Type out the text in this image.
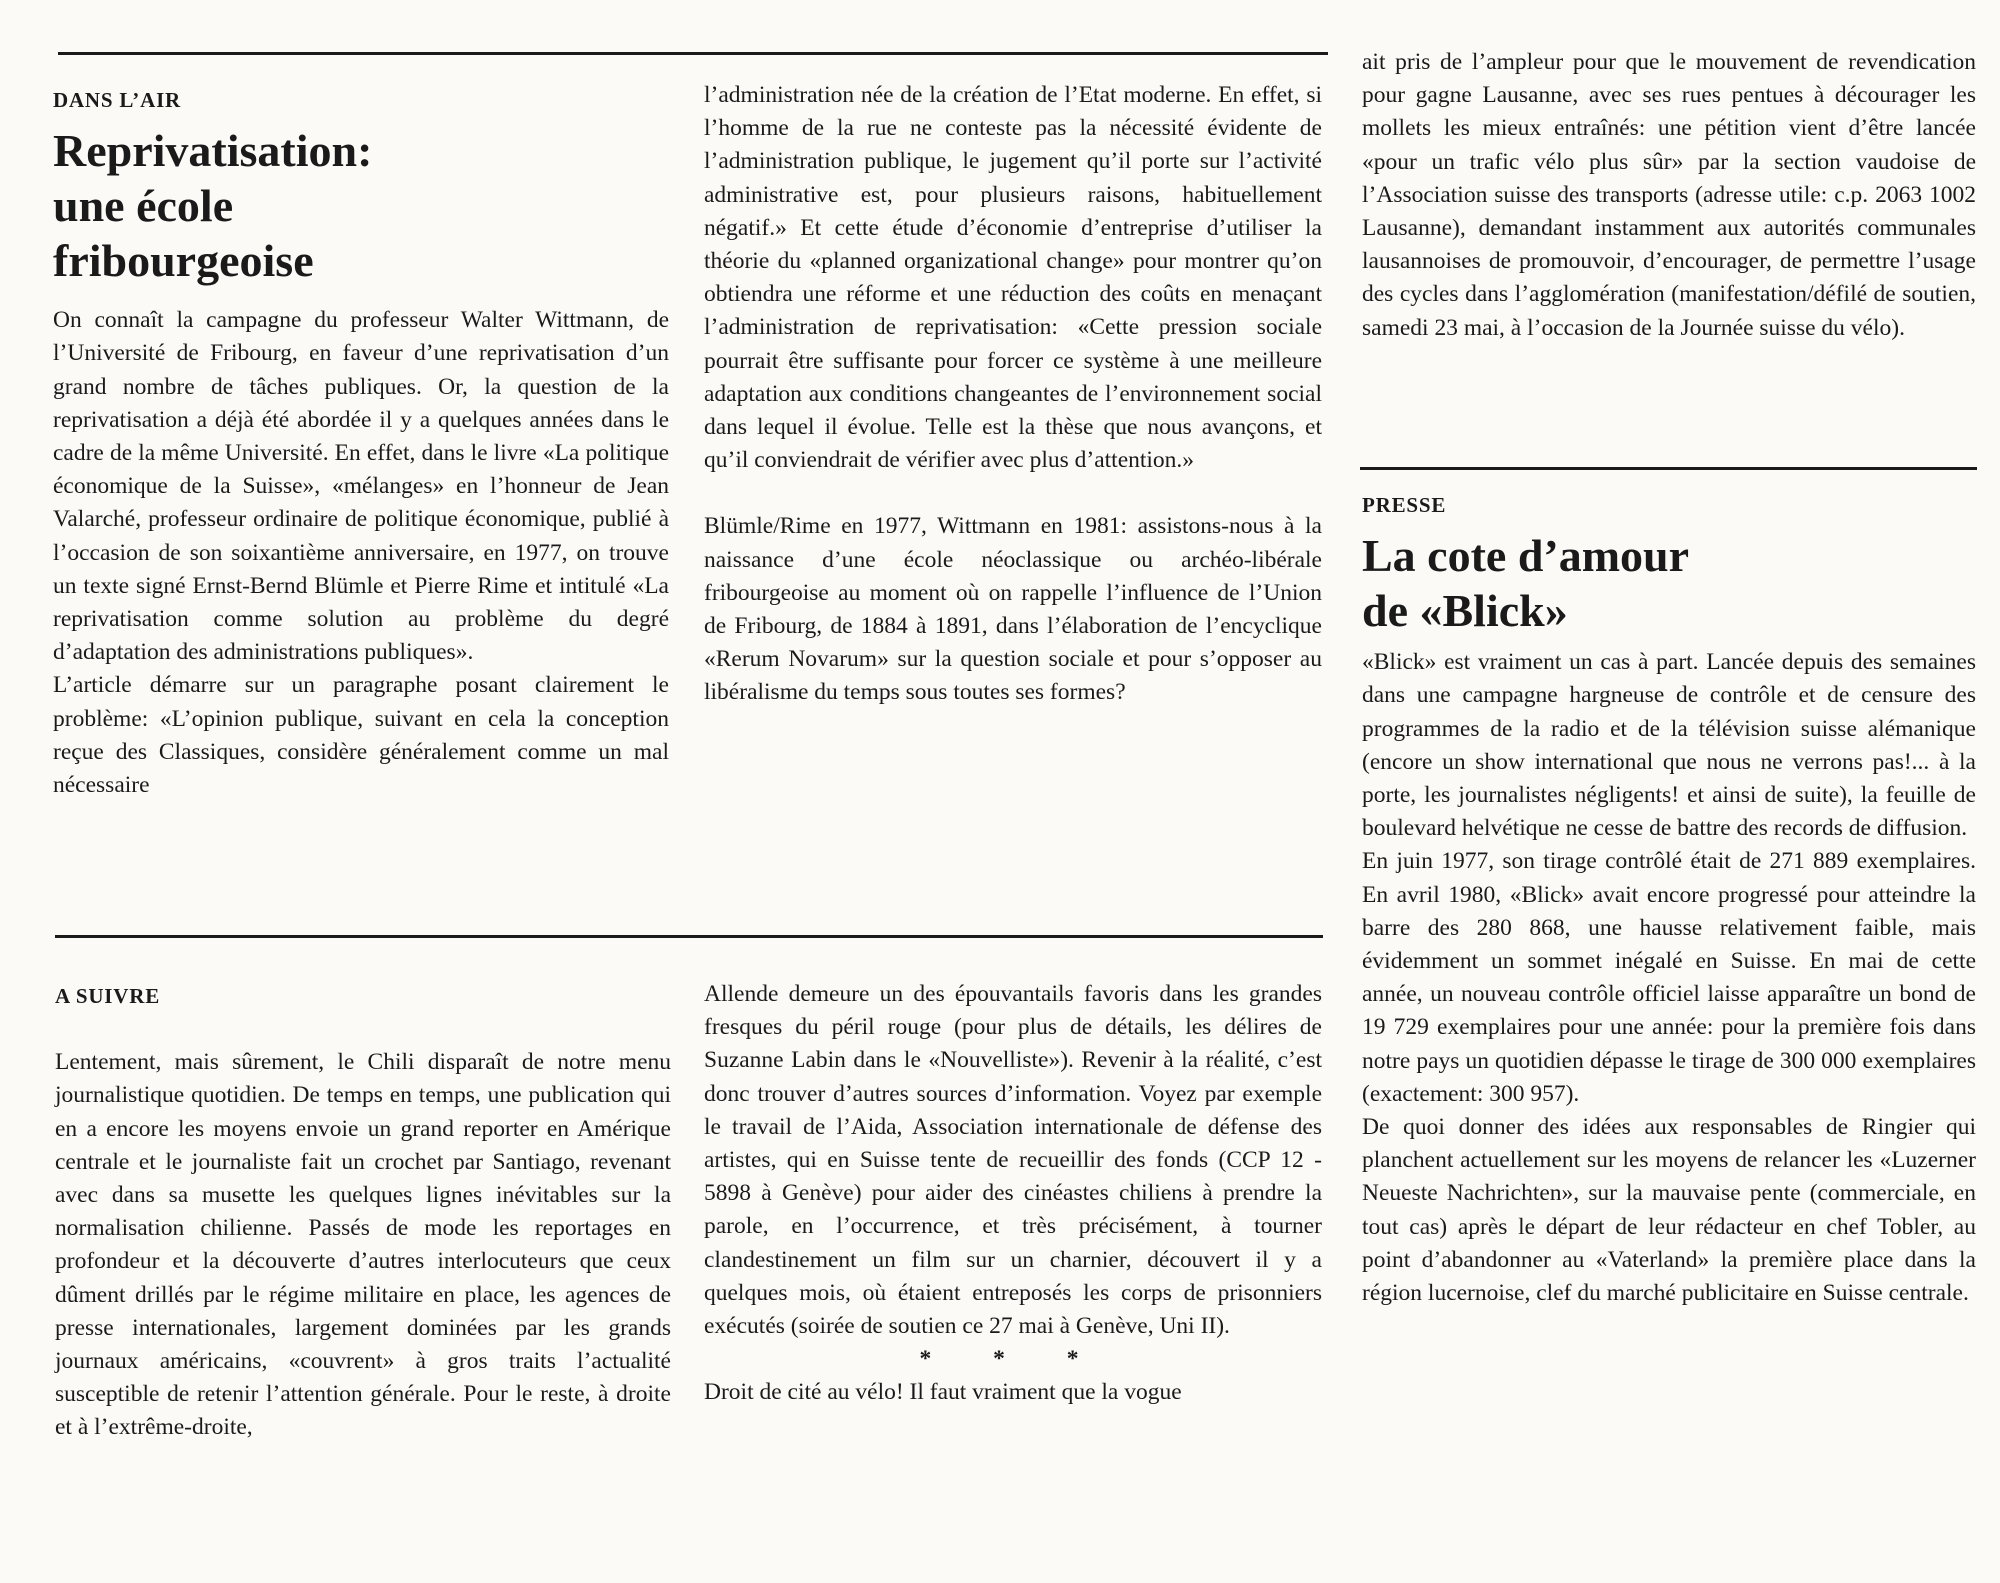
DANS L’AIR
Reprivatisation:
une école
fribourgeoise

On connaît la campagne du professeur Walter Wittmann, de l’Université de Fribourg, en faveur d’une reprivatisation d’un grand nombre de tâches publiques. Or, la question de la reprivatisation a déjà été abordée il y a quelques années dans le cadre de la même Université. En effet, dans le livre «La politique économique de la Suisse», «mélanges» en l’honneur de Jean Valarché, professeur ordinaire de politique économique, publié à l’occasion de son soixantième anniversaire, en 1977, on trouve un texte signé Ernst-Bernd Blümle et Pierre Rime et intitulé «La reprivatisation comme solution au problème du degré d’adaptation des administrations publiques».

L’article démarre sur un paragraphe posant clairement le problème: «L’opinion publique, suivant en cela la conception reçue des Classiques, considère généralement comme un mal nécessaire

l’administration née de la création de l’Etat moderne. En effet, si l’homme de la rue ne conteste pas la nécessité évidente de l’administration publique, le jugement qu’il porte sur l’activité administrative est, pour plusieurs raisons, habituellement négatif.» Et cette étude d’économie d’entreprise d’utiliser la théorie du «planned organizational change» pour montrer qu’on obtiendra une réforme et une réduction des coûts en menaçant l’administration de reprivatisation: «Cette pression sociale pourrait être suffisante pour forcer ce système à une meilleure adaptation aux conditions changeantes de l’environnement social dans lequel il évolue. Telle est la thèse que nous avançons, et qu’il conviendrait de vérifier avec plus d’attention.»

Blümle/Rime en 1977, Wittmann en 1981: assistons-nous à la naissance d’une école néoclassique ou archéo-libérale fribourgeoise au moment où on rappelle l’influence de l’Union de Fribourg, de 1884 à 1891, dans l’élaboration de l’encyclique «Rerum Novarum» sur la question sociale et pour s’opposer au libéralisme du temps sous toutes ses formes?

A SUIVRE

Lentement, mais sûrement, le Chili disparaît de notre menu journalistique quotidien. De temps en temps, une publication qui en a encore les moyens envoie un grand reporter en Amérique centrale et le journaliste fait un crochet par Santiago, revenant avec dans sa musette les quelques lignes inévitables sur la normalisation chilienne. Passés de mode les reportages en profondeur et la découverte d’autres interlocuteurs que ceux dûment drillés par le régime militaire en place, les agences de presse internationales, largement dominées par les grands journaux américains, «couvrent» à gros traits l’actualité susceptible de retenir l’attention générale. Pour le reste, à droite et à l’extrême-droite,

Allende demeure un des épouvantails favoris dans les grandes fresques du péril rouge (pour plus de détails, les délires de Suzanne Labin dans le «Nouvelliste»). Revenir à la réalité, c’est donc trouver d’autres sources d’information. Voyez par exemple le travail de l’Aida, Association internationale de défense des artistes, qui en Suisse tente de recueillir des fonds (CCP 12 - 5898 à Genève) pour aider des cinéastes chiliens à prendre la parole, en l’occurrence, et très précisément, à tourner clandestinement un film sur un charnier, découvert il y a quelques mois, où étaient entreposés les corps de prisonniers exécutés (soirée de soutien ce 27 mai à Genève, Uni II).

* * *

Droit de cité au vélo! Il faut vraiment que la vogue

ait pris de l’ampleur pour que le mouvement de revendication pour gagne Lausanne, avec ses rues pentues à décourager les mollets les mieux entraînés: une pétition vient d’être lancée «pour un trafic vélo plus sûr» par la section vaudoise de l’Association suisse des transports (adresse utile: c.p. 2063 1002 Lausanne), demandant instamment aux autorités communales lausannoises de promouvoir, d’encourager, de permettre l’usage des cycles dans l’agglomération (manifestation/défilé de soutien, samedi 23 mai, à l’occasion de la Journée suisse du vélo).

PRESSE
La cote d’amour
de «Blick»

«Blick» est vraiment un cas à part. Lancée depuis des semaines dans une campagne hargneuse de contrôle et de censure des programmes de la radio et de la télévision suisse alémanique (encore un show international que nous ne verrons pas!... à la porte, les journalistes négligents! et ainsi de suite), la feuille de boulevard helvétique ne cesse de battre des records de diffusion.

En juin 1977, son tirage contrôlé était de 271 889 exemplaires. En avril 1980, «Blick» avait encore progressé pour atteindre la barre des 280 868, une hausse relativement faible, mais évidemment un sommet inégalé en Suisse. En mai de cette année, un nouveau contrôle officiel laisse apparaître un bond de 19 729 exemplaires pour une année: pour la première fois dans notre pays un quotidien dépasse le tirage de 300 000 exemplaires (exactement: 300 957).

De quoi donner des idées aux responsables de Ringier qui planchent actuellement sur les moyens de relancer les «Luzerner Neueste Nachrichten», sur la mauvaise pente (commerciale, en tout cas) après le départ de leur rédacteur en chef Tobler, au point d’abandonner au «Vaterland» la première place dans la région lucernoise, clef du marché publicitaire en Suisse centrale.
